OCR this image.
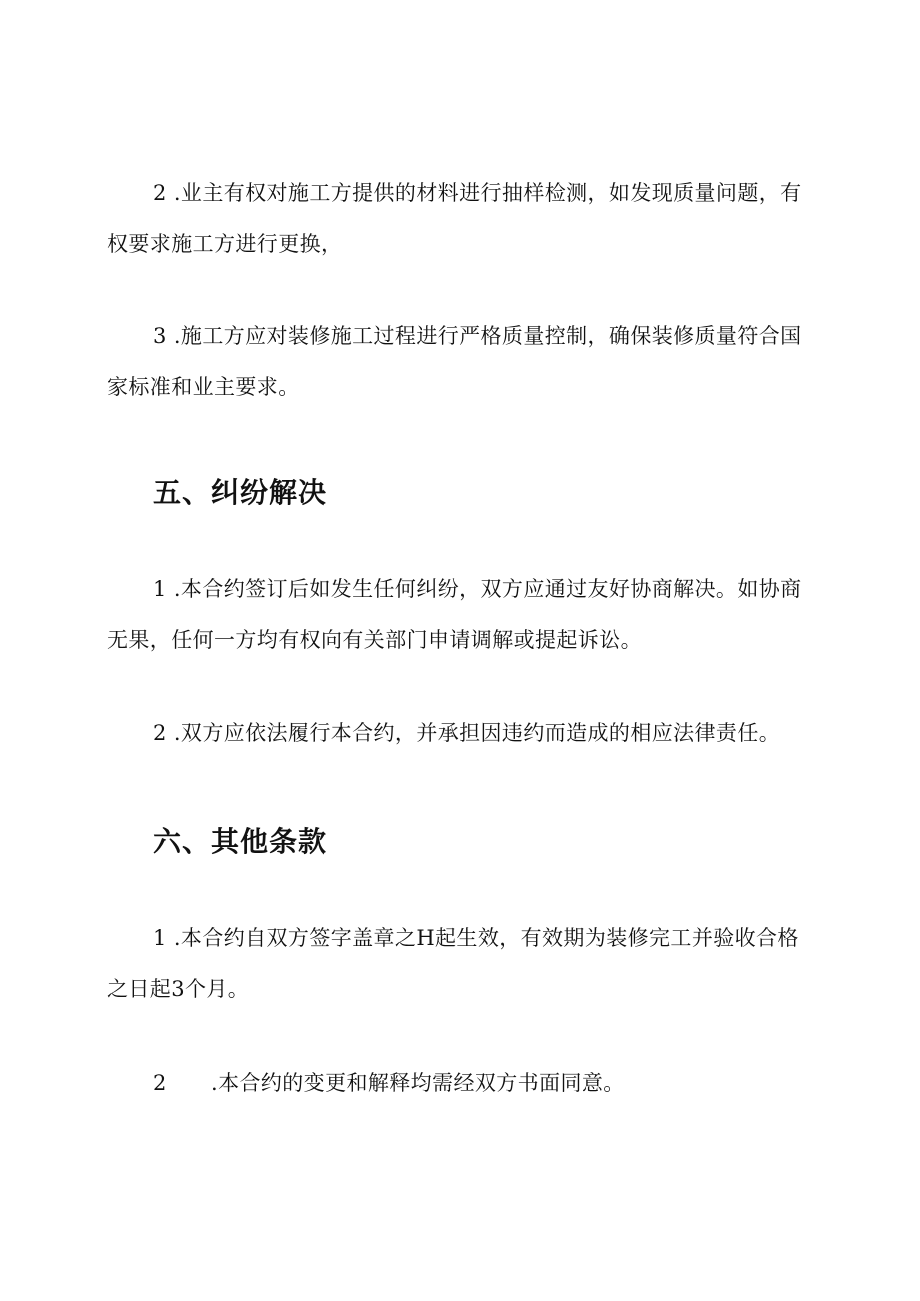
2 .业主有权对施工方提供的材料进行抽样检测，如发现质量问题，有权要求施工方进行更换，

3 .施工方应对装修施工过程进行严格质量控制，确保装修质量符合国家标准和业主要求。

五、纠纷解决

1 .本合约签订后如发生任何纠纷，双方应通过友好协商解决。如协商无果，任何一方均有权向有关部门申请调解或提起诉讼。

2 .双方应依法履行本合约，并承担因违约而造成的相应法律责任。

六、其他条款

1 .本合约自双方签字盖章之H起生效，有效期为装修完工并验收合格之日起3个月。

2 .本合约的变更和解释均需经双方书面同意。
